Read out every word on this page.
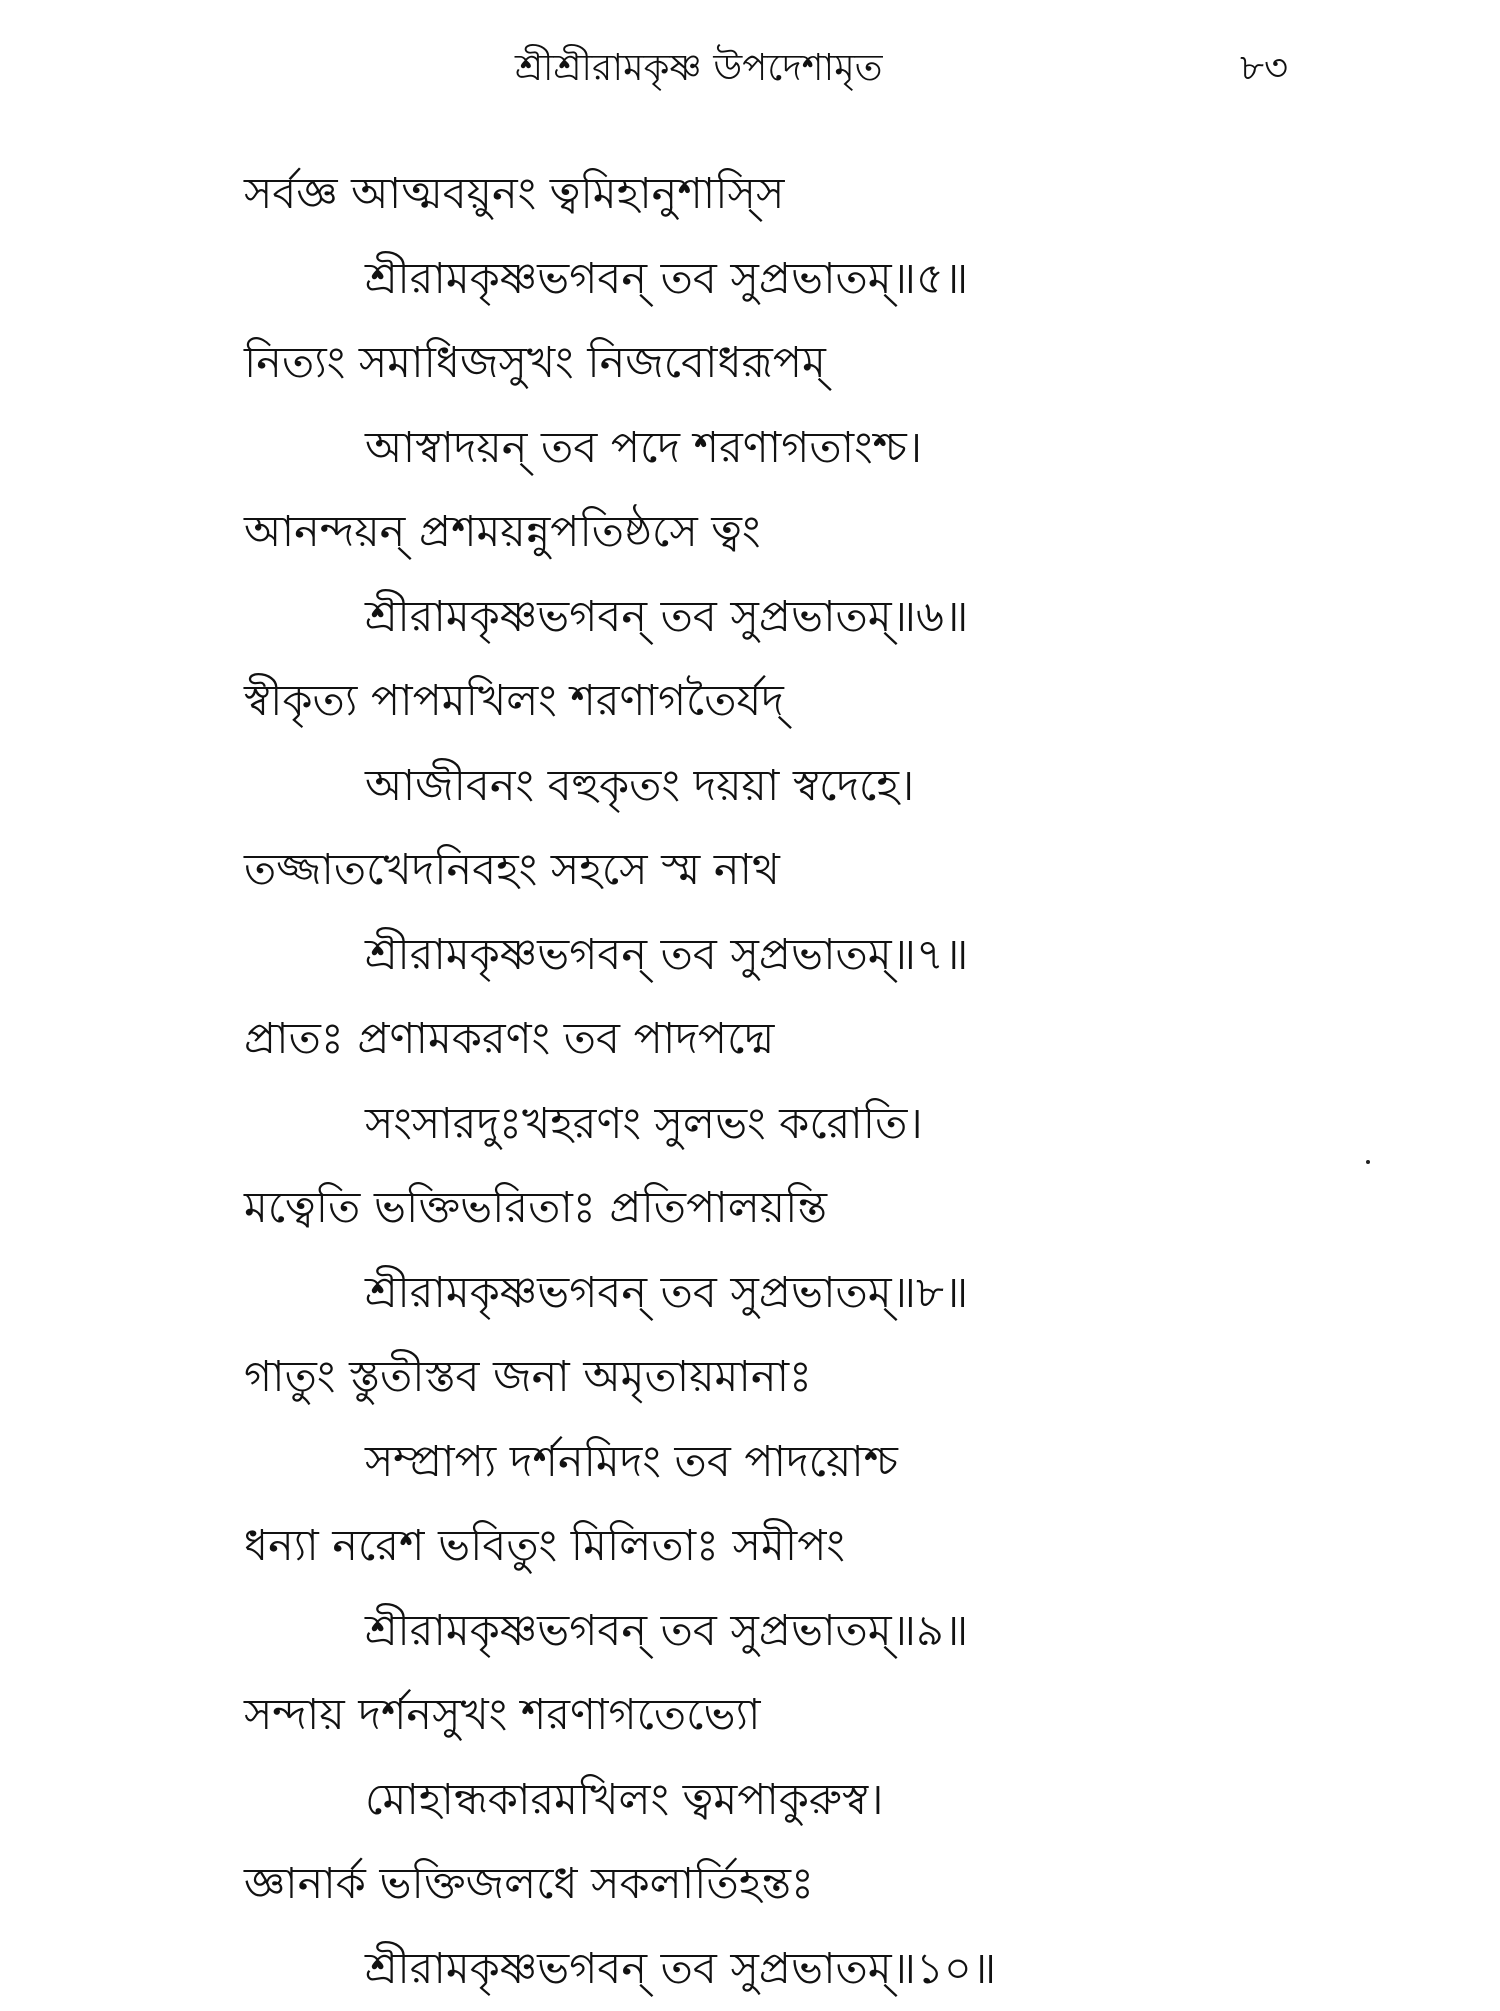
শ্রীশ্রীরামকৃষ্ণ উপদেশামৃত	৮৩
সর্বজ্ঞ আত্মবয়ুনং ত্বমিহানুশাস্সি
শ্রীরামকৃষ্ণভগবন্ তব সুপ্রভাতম্॥৫॥
নিত্যং সমাধিজসুখং নিজবোধরূপম্
আস্বাদয়ন্ তব পদে শরণাগতাংশ্চ।
আনন্দয়ন্ প্রশময়ন্নুপতিষ্ঠসে ত্বং
শ্রীরামকৃষ্ণভগবন্ তব সুপ্রভাতম্॥৬॥
স্বীকৃত্য পাপমখিলং শরণাগতৈর্যদ্
আজীবনং বহুকৃতং দয়য়া স্বদেহে।
তজ্জাতখেদনিবহং সহসে স্ম নাথ
শ্রীরামকৃষ্ণভগবন্ তব সুপ্রভাতম্॥৭॥
প্রাতঃ প্রণামকরণং তব পাদপদ্মে
সংসারদুঃখহরণং সুলভং করোতি।
মত্বেতি ভক্তিভরিতাঃ প্রতিপালয়ন্তি
শ্রীরামকৃষ্ণভগবন্ তব সুপ্রভাতম্॥৮॥
গাতুং স্তুতীস্তব জনা অমৃতায়মানাঃ
সম্প্রাপ্য দর্শনমিদং তব পাদয়োশ্চ
ধন্যা নরেশ ভবিতুং মিলিতাঃ সমীপং
শ্রীরামকৃষ্ণভগবন্ তব সুপ্রভাতম্॥৯॥
সন্দায় দর্শনসুখং শরণাগতেভ্যো
মোহান্ধকারমখিলং ত্বমপাকুরুস্ব।
জ্ঞানার্ক ভক্তিজলধে সকলার্তিহন্তঃ
শ্রীরামকৃষ্ণভগবন্ তব সুপ্রভাতম্॥১০॥
